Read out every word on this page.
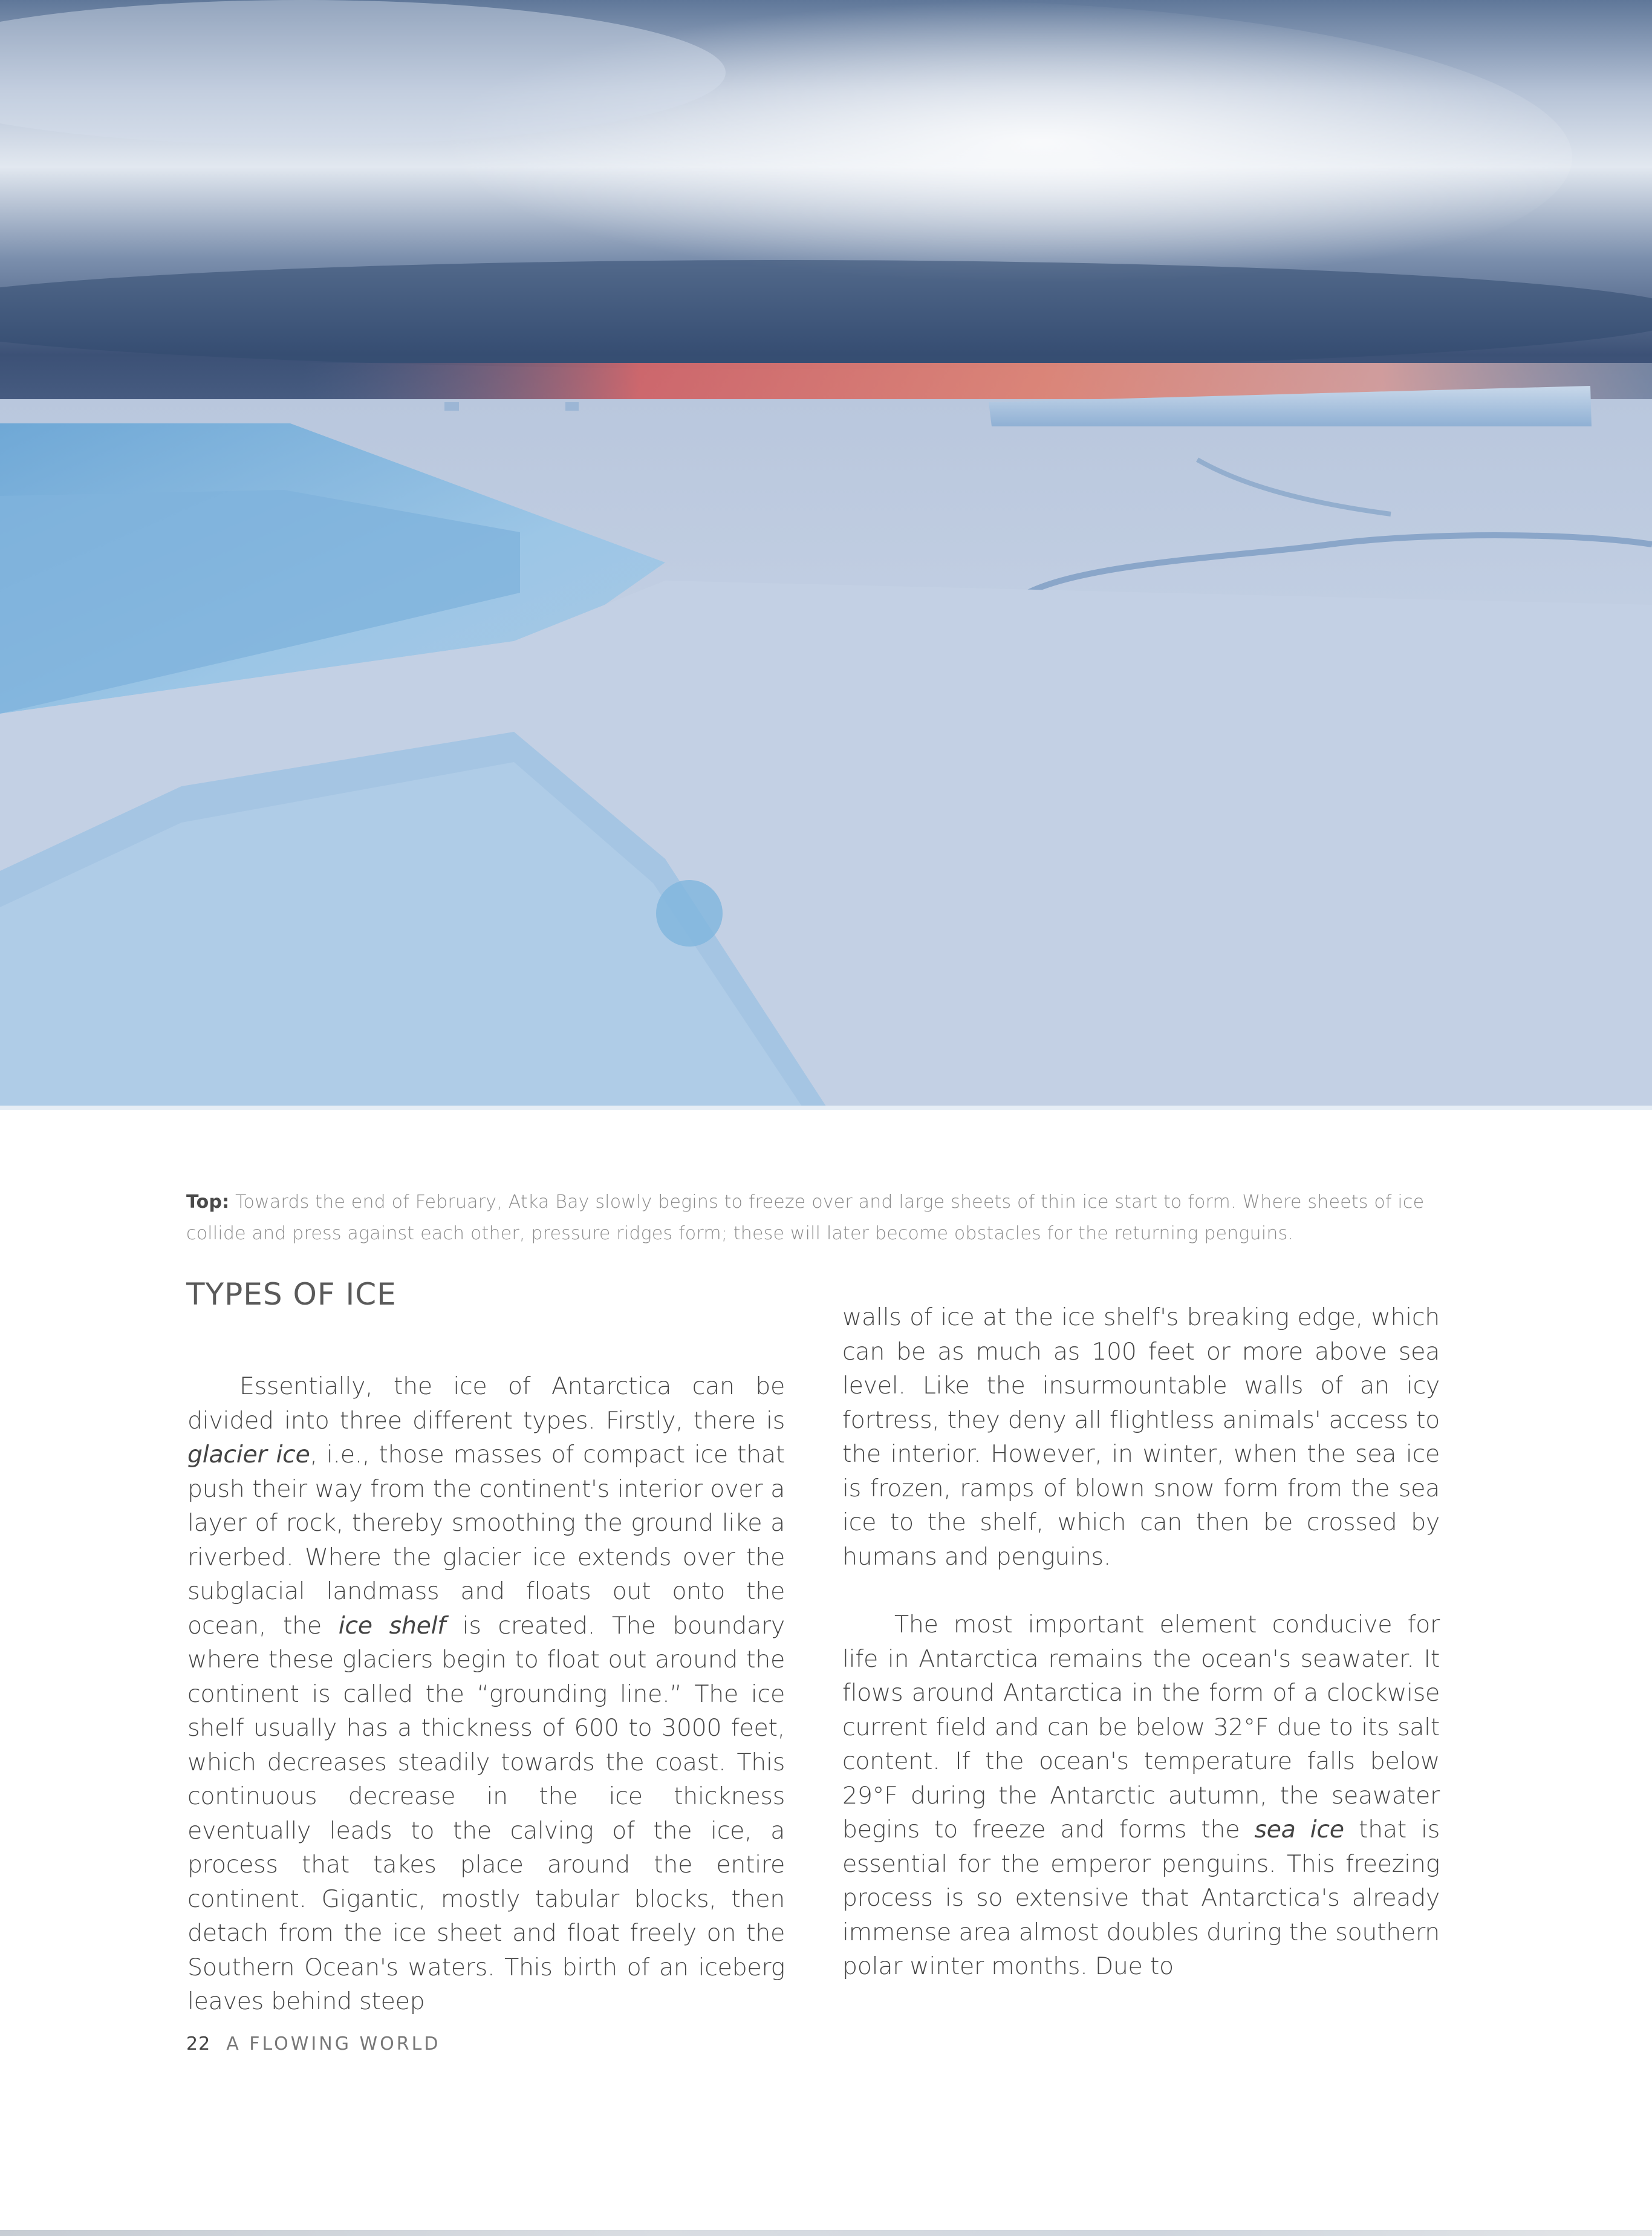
Top: Towards the end of February, Atka Bay slowly begins to freeze over and large sheets of thin ice start to form. Where sheets of ice collide and press against each other, pressure ridges form; these will later become obstacles for the returning penguins.
TYPES OF ICE

Essentially, the ice of Antarctica can be divided into three different types. Firstly, there is glacier ice, i.e., those masses of compact ice that push their way from the continent's interior over a layer of rock, thereby smoothing the ground like a riverbed. Where the glacier ice extends over the subglacial landmass and floats out onto the ocean, the ice shelf is created. The boundary where these glaciers begin to float out around the continent is called the “grounding line.” The ice shelf usually has a thickness of 600 to 3000 feet, which decreases steadily towards the coast. This continuous decrease in the ice thickness eventually leads to the calving of the ice, a process that takes place around the entire continent. Gigantic, mostly tabular blocks, then detach from the ice sheet and float freely on the Southern Ocean's waters. This birth of an iceberg leaves behind steep

walls of ice at the ice shelf's breaking edge, which can be as much as 100 feet or more above sea level. Like the insurmountable walls of an icy fortress, they deny all flightless animals' access to the interior. However, in winter, when the sea ice is frozen, ramps of blown snow form from the sea ice to the shelf, which can then be crossed by humans and penguins.

The most important element conducive for life in Antarctica remains the ocean's seawater. It flows around Antarctica in the form of a clockwise current field and can be below 32°F due to its salt content. If the ocean's temperature falls below 29°F during the Antarctic autumn, the seawater begins to freeze and forms the sea ice that is essential for the emperor penguins. This freezing process is so extensive that Antarctica's already immense area almost doubles during the southern polar winter months. Due to

22 A FLOWING WORLD
